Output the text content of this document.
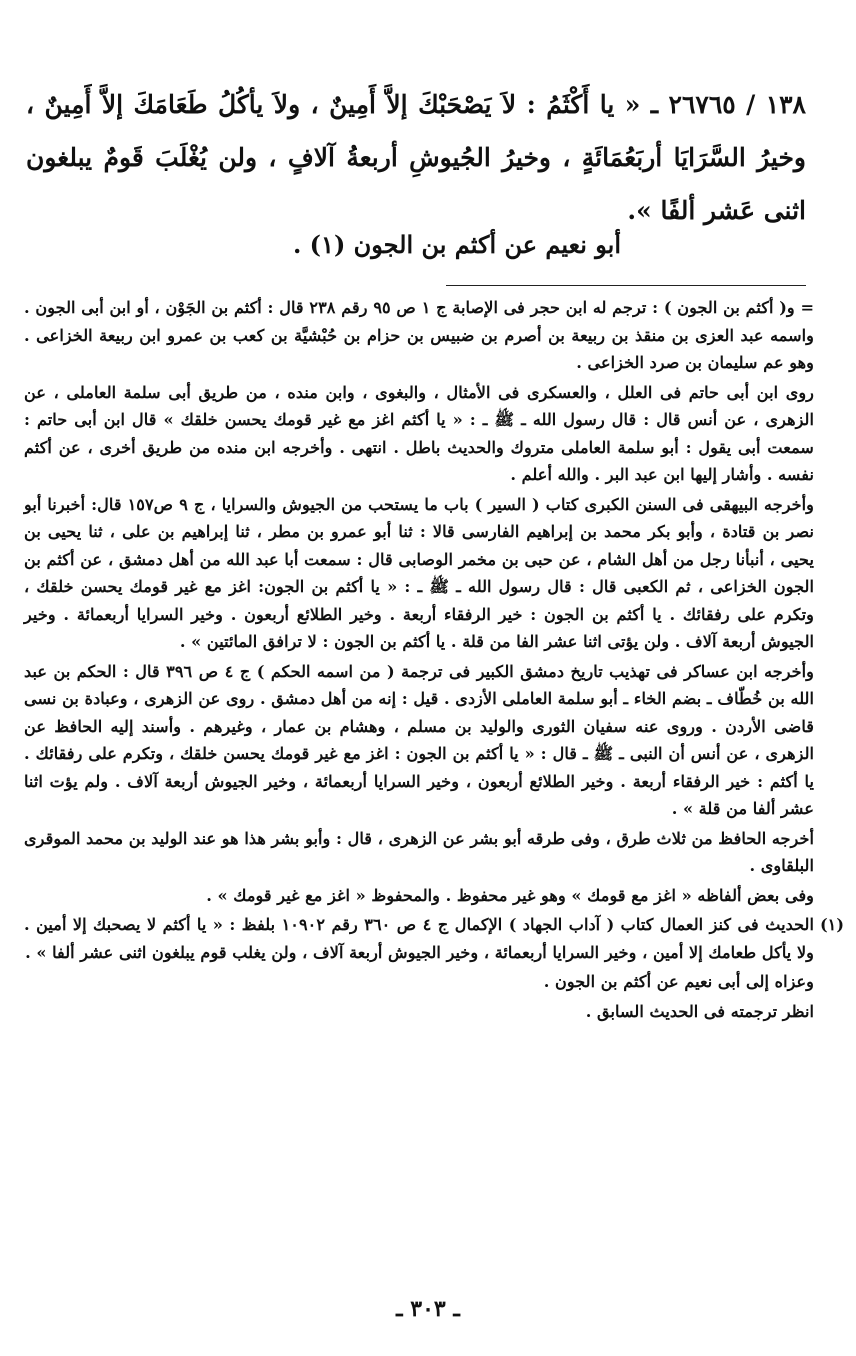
١٣٨ / ٢٦٧٦٥ ـ « يا أَكْثَمُ : لاَ يَصْحَبْكَ إلاَّ أَمِينٌ ، ولاَ يأكُلُ طَعَامَكَ إلاَّ أَمِينٌ ، وخيرُ السَّرَايَا أربَعُمَائَةٍ ، وخيرُ الجُيوشِ أربعةُ آلافٍ ، ولن يُغْلَبَ قَومٌ يبلغون اثنى عَشر ألفًا ».

أبو نعيم عن أكثم بن الجون (١) .

= و( أكثم بن الجون ) : ترجم له ابن حجر فى الإصابة ج ١ ص ٩٥ رقم ٢٣٨ قال : أكثم بن الجَوْن ، أو ابن أبى الجون . واسمه عبد العزى بن منقذ بن ربيعة بن أصرم بن ضبيس بن حزام بن حُبْشيَّة بن كعب بن عمرو ابن ربيعة الخزاعى . وهو عم سليمان بن صرد الخزاعى .

روى ابن أبى حاتم فى العلل ، والعسكرى فى الأمثال ، والبغوى ، وابن منده ، من طريق أبى سلمة العاملى ، عن الزهرى ، عن أنس قال : قال رسول الله ـ ﷺ ـ : « يا أكثم اغز مع غير قومك يحسن خلقك » قال ابن أبى حاتم : سمعت أبى يقول : أبو سلمة العاملى متروك والحديث باطل . انتهى . وأخرجه ابن منده من طريق أخرى ، عن أكثم نفسه . وأشار إليها ابن عبد البر . والله أعلم .

وأخرجه البيهقى فى السنن الكبرى كتاب ( السير ) باب ما يستحب من الجيوش والسرايا ، ج ٩ ص١٥٧ قال: أخبرنا أبو نصر بن قتادة ، وأبو بكر محمد بن إبراهيم الفارسى قالا : ثنا أبو عمرو بن مطر ، ثنا إبراهيم بن على ، ثنا يحيى بن يحيى ، أنبأنا رجل من أهل الشام ، عن حبى بن مخمر الوصابى قال : سمعت أبا عبد الله من أهل دمشق ، عن أكثم بن الجون الخزاعى ، ثم الكعبى قال : قال رسول الله ـ ﷺ ـ : « يا أكثم بن الجون: اغز مع غير قومك يحسن خلقك ، وتكرم على رفقائك . يا أكثم بن الجون : خير الرفقاء أربعة . وخير الطلائع أربعون . وخير السرايا أربعمائة . وخير الجيوش أربعة آلاف . ولن يؤتى اثنا عشر الفا من قلة . يا أكثم بن الجون : لا ترافق المائتين » .

وأخرجه ابن عساكر فى تهذيب تاريخ دمشق الكبير فى ترجمة ( من اسمه الحكم ) ج ٤ ص ٣٩٦ قال : الحكم بن عبد الله بن خُطّاف ـ بضم الخاء ـ أبو سلمة العاملى الأزدى . قيل : إنه من أهل دمشق . روى عن الزهرى ، وعبادة بن نسى قاضى الأردن . وروى عنه سفيان الثورى والوليد بن مسلم ، وهشام بن عمار ، وغيرهم . وأسند إليه الحافظ عن الزهرى ، عن أنس أن النبى ـ ﷺ ـ قال : « يا أكثم بن الجون : اغز مع غير قومك يحسن خلقك ، وتكرم على رفقائك . يا أكثم : خير الرفقاء أربعة . وخير الطلائع أربعون ، وخير السرايا أربعمائة ، وخير الجيوش أربعة آلاف . ولم يؤت اثنا عشر ألفا من قلة » .

أخرجه الحافظ من ثلاث طرق ، وفى طرقه أبو بشر عن الزهرى ، قال : وأبو بشر هذا هو عند الوليد بن محمد الموقرى البلقاوى .

وفى بعض ألفاظه « اغز مع قومك » وهو غير محفوظ . والمحفوظ « اغز مع غير قومك » .

(١)
الحديث فى كنز العمال كتاب ( آداب الجهاد ) الإكمال ج ٤ ص ٣٦٠ رقم ١٠٩٠٢ بلفظ : « يا أكثم لا يصحبك إلا أمين . ولا يأكل طعامك إلا أمين ، وخير السرايا أربعمائة ، وخير الجيوش أربعة آلاف ، ولن يغلب قوم يبلغون اثنى عشر ألفا » .

وعزاه إلى أبى نعيم عن أكثم بن الجون .

انظر ترجمته فى الحديث السابق .

ـ ٣٠٣ ـ
